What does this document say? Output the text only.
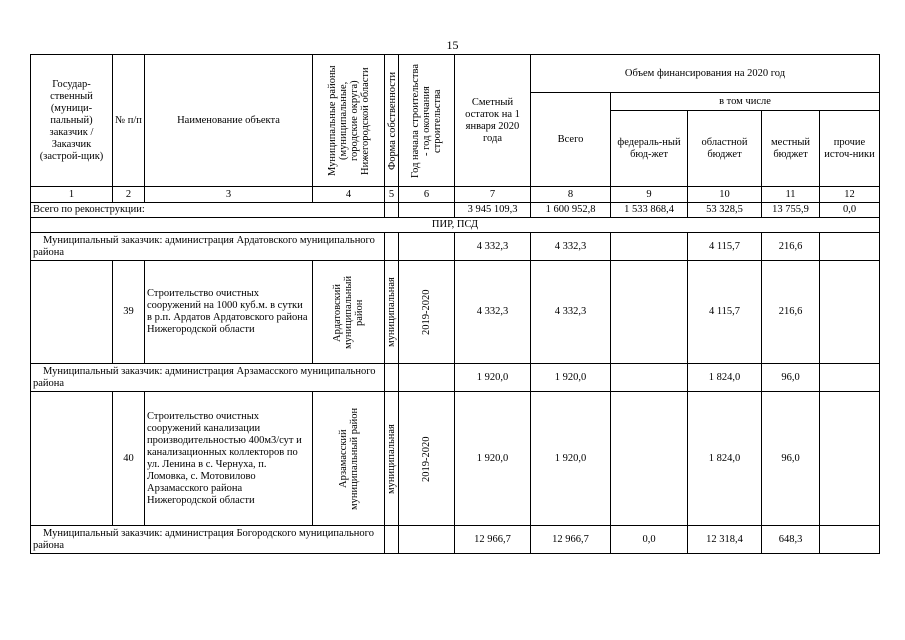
15
Государ-ственный (муници-пальный) заказчик / Заказчик (застрой-щик)	№ п/п	Наименование объекта	Муниципальные районы (муниципальные, городские округа) Нижегородской области	Форма собственности	Год начала строительства - год окончания строительства	Сметный остаток на 1 января 2020 года	Объем финансирования на 2020 год				
							Всего	в том числе			
								федераль-ный бюд-жет	областной бюджет	местный бюджет	прочие источ-ники
1	2	3	4	5	6	7	8	9	10	11	12
Всего по реконструкции:						3 945 109,3	1 600 952,8	1 533 868,4	53 328,5	13 755,9	0,0
ПИР, ПСД											
Муниципальный заказчик: администрация Ардатовского муниципального района						4 332,3	4 332,3		4 115,7	216,6	
	39	Строительство очистных сооружений на 1000 куб.м. в сутки в р.п. Ардатов Ардатовского района Нижегородской области	Ардатовский муниципальный район	муниципальная	2019-2020	4 332,3	4 332,3		4 115,7	216,6	
Муниципальный заказчик: администрация Арзамасского муниципального района						1 920,0	1 920,0		1 824,0	96,0	
	40	Строительство очистных сооружений канализации производительностью 400м3/сут и канализационных коллекторов по ул. Ленина в с. Чернуха, п. Ломовка, с. Мотовилово Арзамасского района Нижегородской области	Арзамасский муниципальный район	муниципальная	2019-2020	1 920,0	1 920,0		1 824,0	96,0	
Муниципальный заказчик: администрация Богородского муниципального района						12 966,7	12 966,7	0,0	12 318,4	648,3	
